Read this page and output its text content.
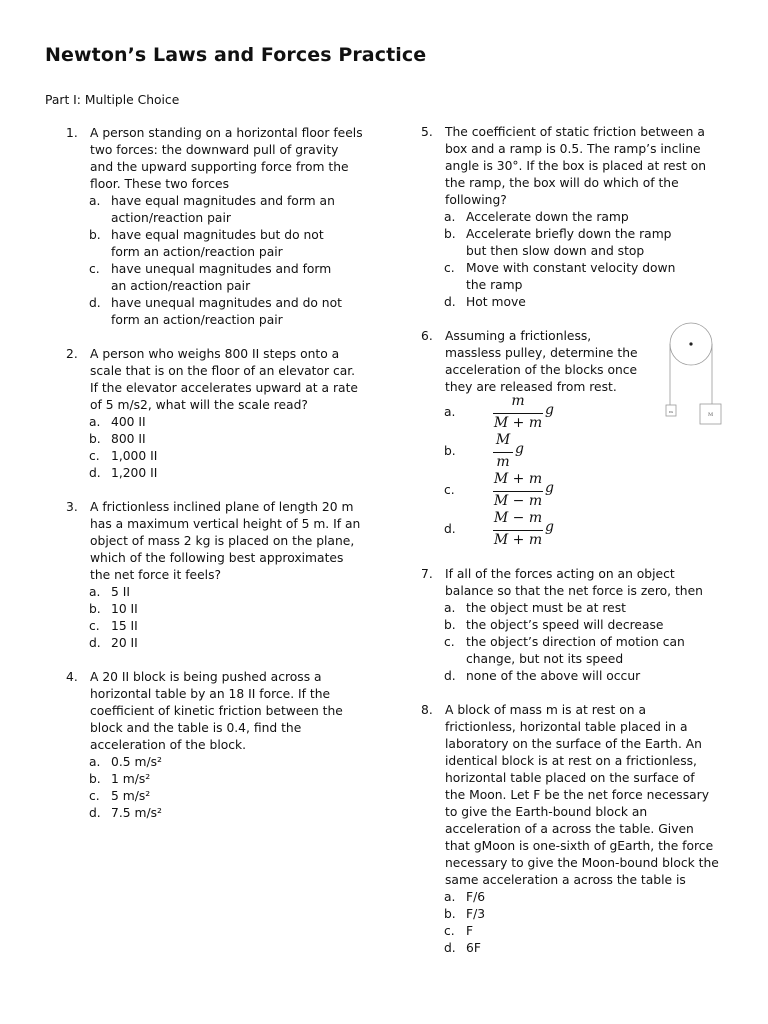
Newton’s Laws and Forces Practice
Part I: Multiple Choice
1. A person standing on a horizontal floor feels
two forces: the downward pull of gravity
and the upward supporting force from the
floor. These two forces
a. have equal magnitudes and form an
action/reaction pair
b. have equal magnitudes but do not
form an action/reaction pair
c. have unequal magnitudes and form
an action/reaction pair
d. have unequal magnitudes and do not
form an action/reaction pair
2. A person who weighs 800 II steps onto a
scale that is on the floor of an elevator car.
If the elevator accelerates upward at a rate
of 5 m/s2, what will the scale read?
a. 400 II
b. 800 II
c. 1,000 II
d. 1,200 II
3. A frictionless inclined plane of length 20 m
has a maximum vertical height of 5 m. If an
object of mass 2 kg is placed on the plane,
which of the following best approximates
the net force it feels?
a. 5 II
b. 10 II
c. 15 II
d. 20 II
4. A 20 II block is being pushed across a
horizontal table by an 18 II force. If the
coefficient of kinetic friction between the
block and the table is 0.4, find the
acceleration of the block.
a. 0.5 m/s²
b. 1 m/s²
c. 5 m/s²
d. 7.5 m/s²
5. The coefficient of static friction between a
box and a ramp is 0.5. The ramp’s incline
angle is 30°. If the box is placed at rest on
the ramp, the box will do which of the
following?
a. Accelerate down the ramp
b. Accelerate briefly down the ramp
but then slow down and stop
c. Move with constant velocity down
the ramp
d. Hot move
6. Assuming a frictionless,
massless pulley, determine the
acceleration of the blocks once
they are released from rest.
a.
m
M + m
g
b.
M
m
g
c.
M + m
M − m
g
d.
M − m
M + m
g
7. If all of the forces acting on an object
balance so that the net force is zero, then
a. the object must be at rest
b. the object’s speed will decrease
c. the object’s direction of motion can
change, but not its speed
d. none of the above will occur
8. A block of mass m is at rest on a
frictionless, horizontal table placed in a
laboratory on the surface of the Earth. An
identical block is at rest on a frictionless,
horizontal table placed on the surface of
the Moon. Let F be the net force necessary
to give the Earth-bound block an
acceleration of a across the table. Given
that gMoon is one-sixth of gEarth, the force
necessary to give the Moon-bound block the
same acceleration a across the table is
a. F/6
b. F/3
c. F
d. 6F
m
M
